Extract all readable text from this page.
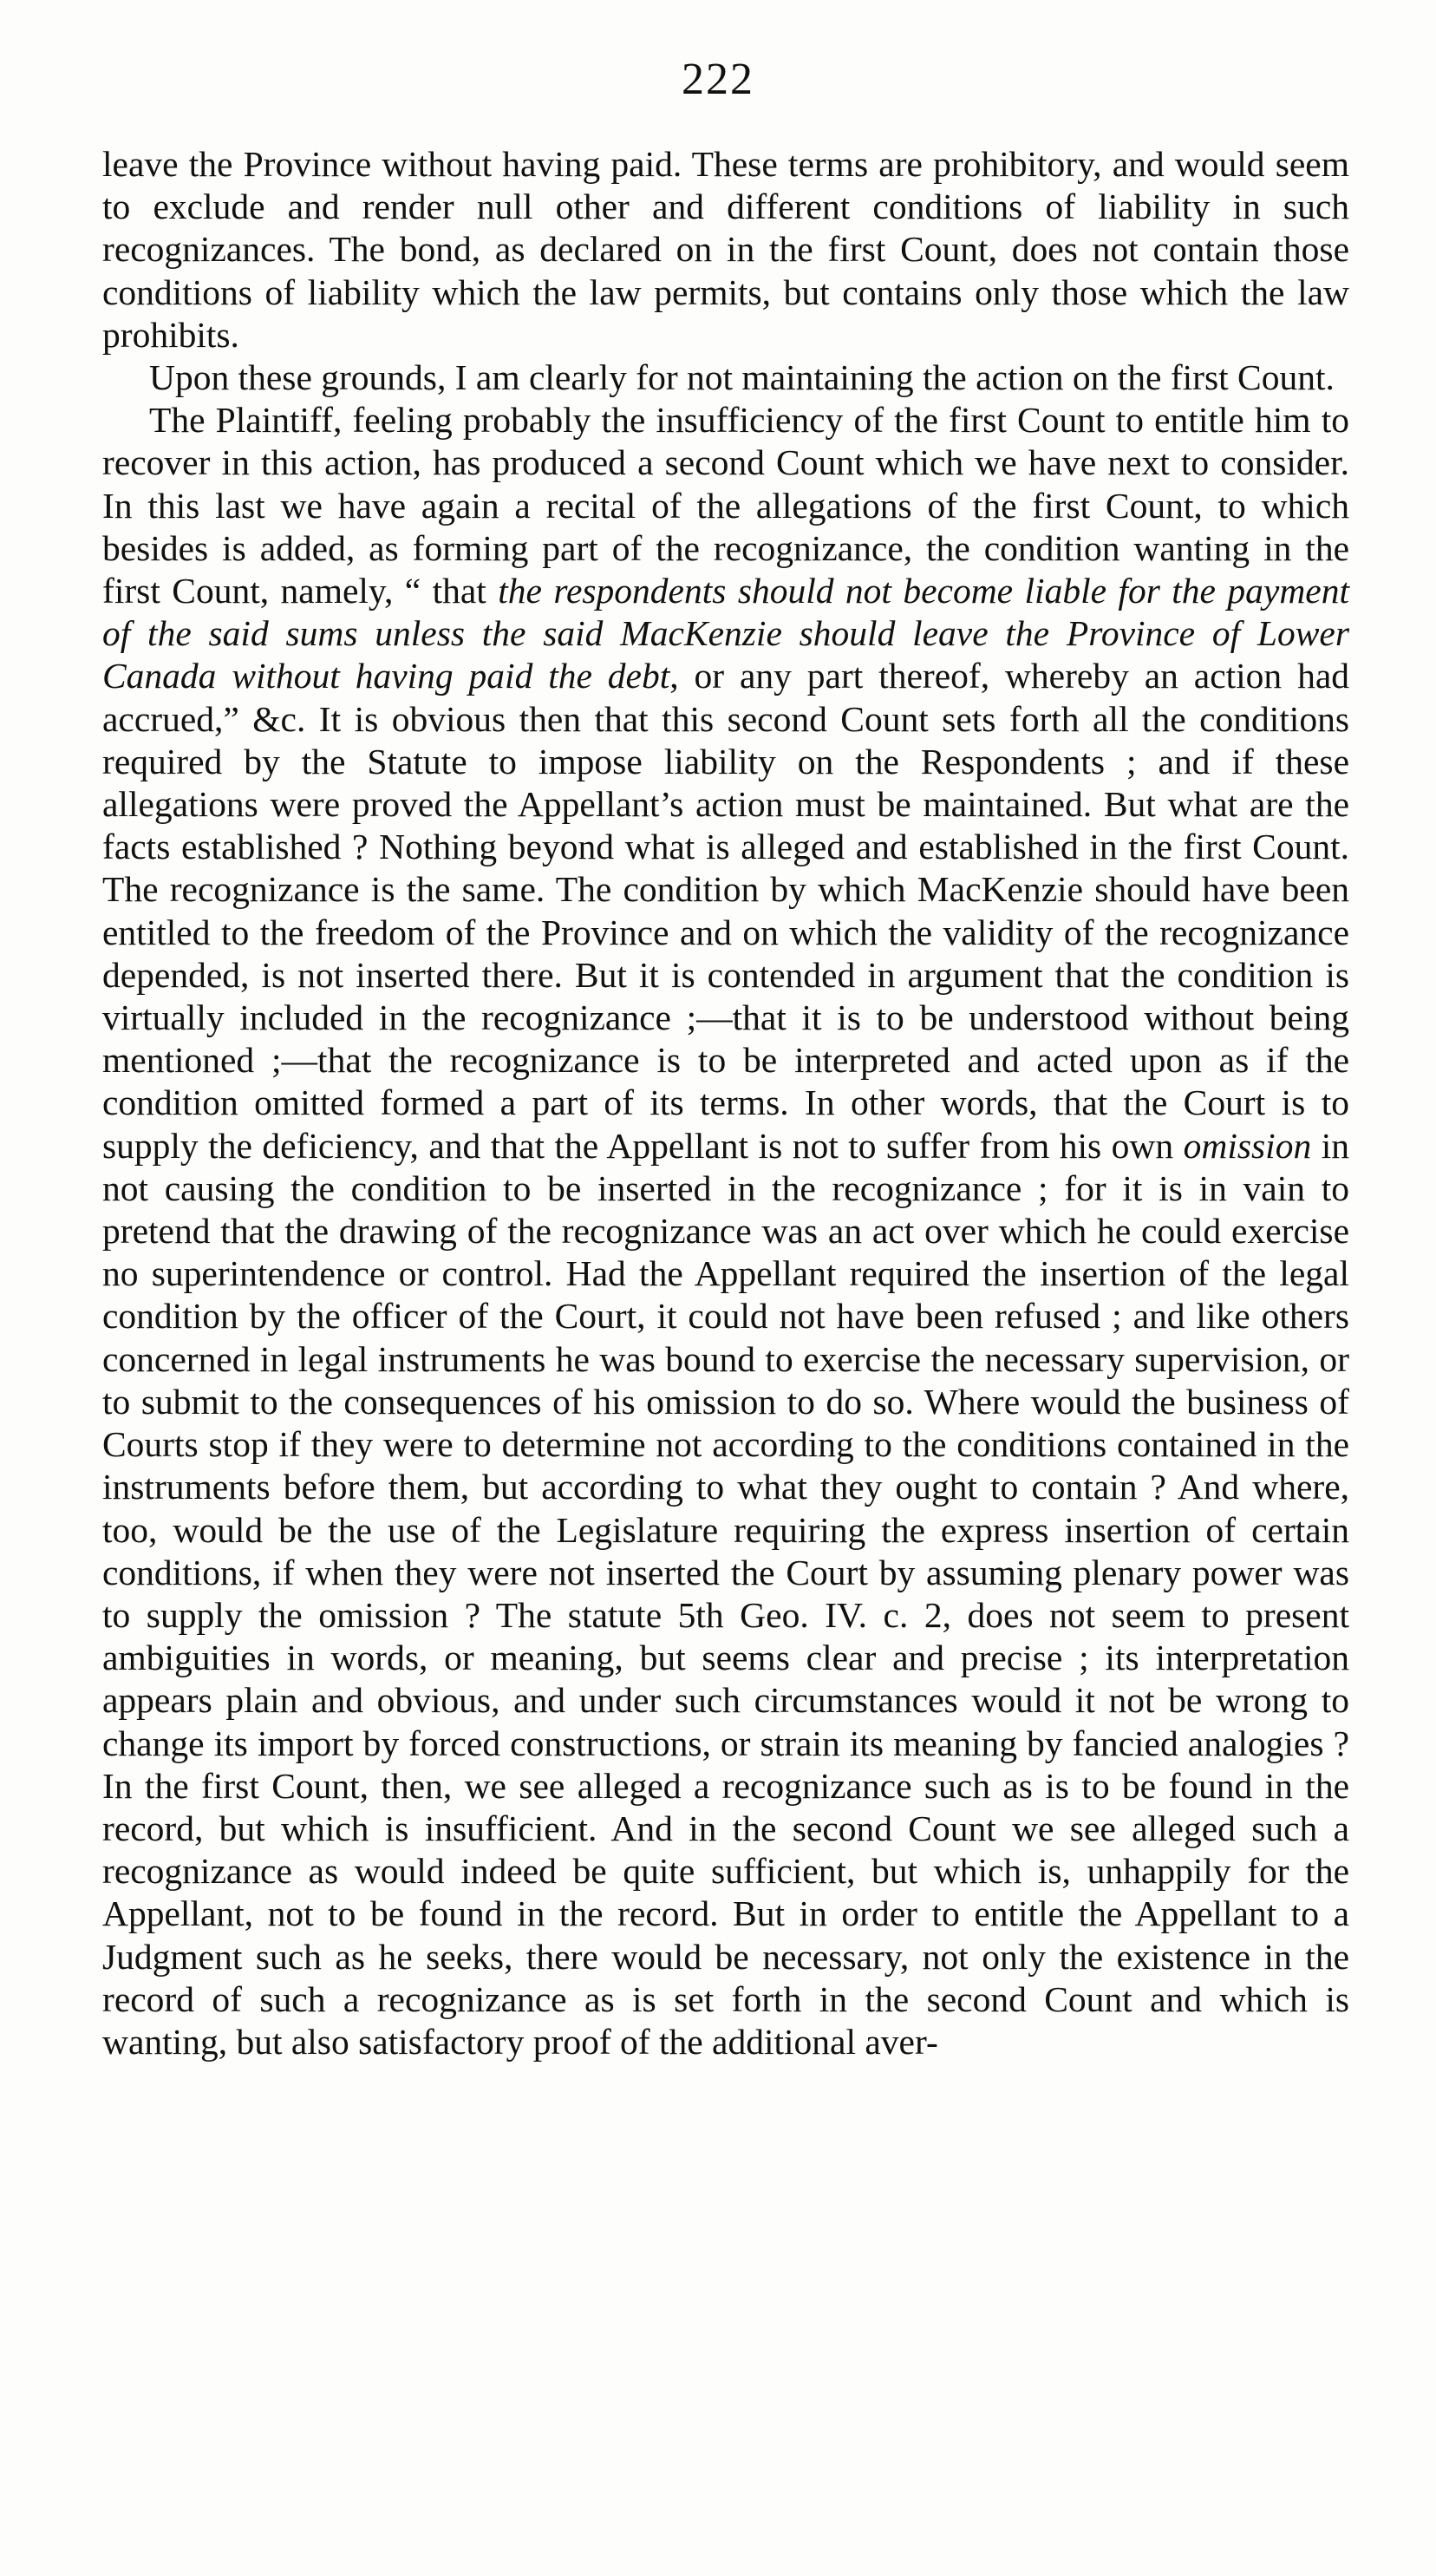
222

leave the Province without having paid. These terms are prohibitory, and would seem to exclude and render null other and different conditions of liability in such recognizances. The bond, as declared on in the first Count, does not contain those conditions of liability which the law permits, but contains only those which the law prohibits.

Upon these grounds, I am clearly for not maintaining the action on the first Count.

The Plaintiff, feeling probably the insufficiency of the first Count to entitle him to recover in this action, has produced a second Count which we have next to consider. In this last we have again a recital of the allegations of the first Count, to which besides is added, as forming part of the recognizance, the condition wanting in the first Count, namely, “ that the respondents should not become liable for the payment of the said sums unless the said MacKenzie should leave the Province of Lower Canada without having paid the debt, or any part thereof, whereby an action had accrued,” &c. It is obvious then that this second Count sets forth all the conditions required by the Statute to impose liability on the Respondents ; and if these allegations were proved the Appellant’s action must be maintained. But what are the facts established ? Nothing beyond what is alleged and established in the first Count. The recognizance is the same. The condition by which MacKenzie should have been entitled to the freedom of the Province and on which the validity of the recognizance depended, is not inserted there. But it is contended in argument that the condition is virtually included in the recognizance ;—that it is to be understood without being mentioned ;—that the recognizance is to be interpreted and acted upon as if the condition omitted formed a part of its terms. In other words, that the Court is to supply the deficiency, and that the Appellant is not to suffer from his own omission in not causing the condition to be inserted in the recognizance ; for it is in vain to pretend that the drawing of the recognizance was an act over which he could exercise no superintendence or control. Had the Appellant required the insertion of the legal condition by the officer of the Court, it could not have been refused ; and like others concerned in legal instruments he was bound to exercise the necessary supervision, or to submit to the consequences of his omission to do so. Where would the business of Courts stop if they were to determine not according to the conditions contained in the instruments before them, but according to what they ought to contain ? And where, too, would be the use of the Legislature requiring the express insertion of certain conditions, if when they were not inserted the Court by assuming plenary power was to supply the omission ? The statute 5th Geo. IV. c. 2, does not seem to present ambiguities in words, or meaning, but seems clear and precise ; its interpretation appears plain and obvious, and under such circumstances would it not be wrong to change its import by forced constructions, or strain its meaning by fancied analogies ? In the first Count, then, we see alleged a recognizance such as is to be found in the record, but which is insufficient. And in the second Count we see alleged such a recognizance as would indeed be quite sufficient, but which is, unhappily for the Appellant, not to be found in the record. But in order to entitle the Appellant to a Judgment such as he seeks, there would be necessary, not only the existence in the record of such a recognizance as is set forth in the second Count and which is wanting, but also satisfactory proof of the additional aver-
